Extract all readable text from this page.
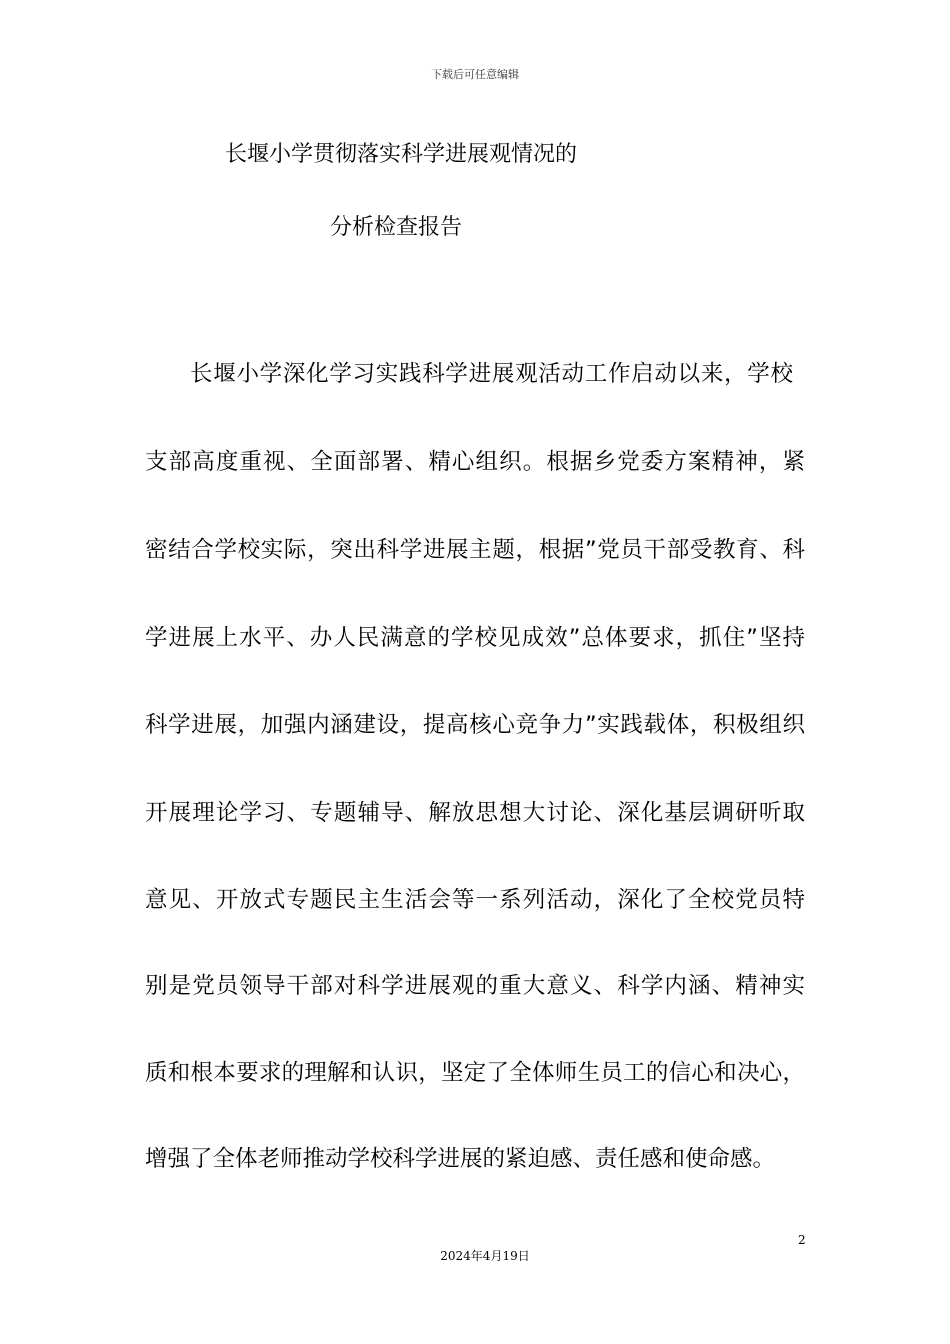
下载后可任意编辑
长堰小学贯彻落实科学进展观情况的
分析检查报告
长堰小学深化学习实践科学进展观活动工作启动以来，学校
支部高度重视、全面部署、精心组织。根据乡党委方案精神，紧
密结合学校实际，突出科学进展主题，根据”党员干部受教育、科
学进展上水平、办人民满意的学校见成效”总体要求，抓住”坚持
科学进展，加强内涵建设，提高核心竞争力”实践载体，积极组织
开展理论学习、专题辅导、解放思想大讨论、深化基层调研听取
意见、开放式专题民主生活会等一系列活动，深化了全校党员特
别是党员领导干部对科学进展观的重大意义、科学内涵、精神实
质和根本要求的理解和认识，坚定了全体师生员工的信心和决心，
增强了全体老师推动学校科学进展的紧迫感、责任感和使命感。
2
2024年4月19日
